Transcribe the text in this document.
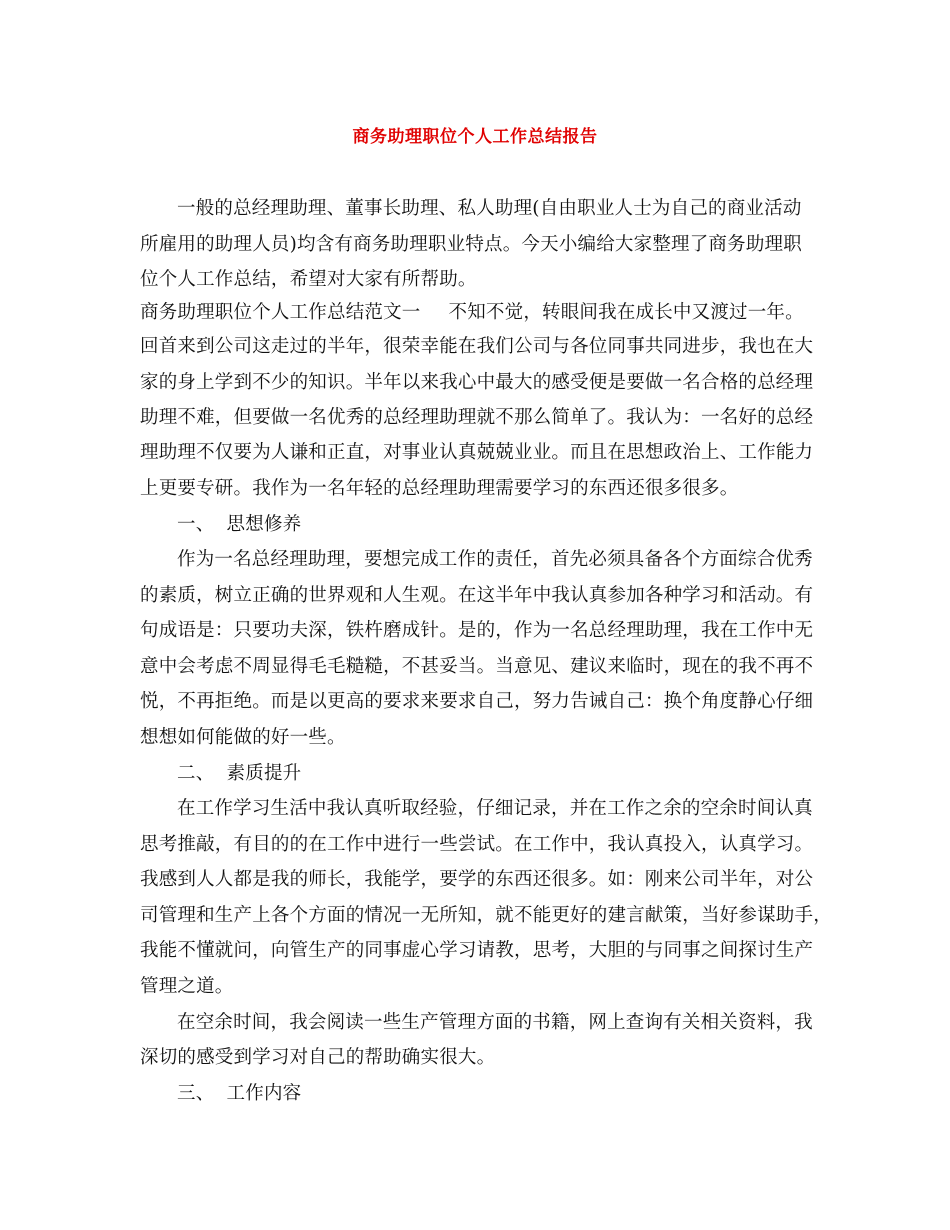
商务助理职位个人工作总结报告
一般的总经理助理、董事长助理、私人助理(自由职业人士为自己的商业活动
所雇用的助理人员)均含有商务助理职业特点。今天小编给大家整理了商务助理职
位个人工作总结，希望对大家有所帮助。
商务助理职位个人工作总结范文一 不知不觉，转眼间我在成长中又渡过一年。
回首来到公司这走过的半年，很荣幸能在我们公司与各位同事共同进步，我也在大
家的身上学到不少的知识。半年以来我心中最大的感受便是要做一名合格的总经理
助理不难，但要做一名优秀的总经理助理就不那么简单了。我认为：一名好的总经
理助理不仅要为人谦和正直，对事业认真兢兢业业。而且在思想政治上、工作能力
上更要专研。我作为一名年轻的总经理助理需要学习的东西还很多很多。
一、  思想修养
作为一名总经理助理，要想完成工作的责任，首先必须具备各个方面综合优秀
的素质，树立正确的世界观和人生观。在这半年中我认真参加各种学习和活动。有
句成语是：只要功夫深，铁杵磨成针。是的，作为一名总经理助理，我在工作中无
意中会考虑不周显得毛毛糙糙，不甚妥当。当意见、建议来临时，现在的我不再不
悦，不再拒绝。而是以更高的要求来要求自己，努力告诫自己：换个角度静心仔细
想想如何能做的好一些。
二、  素质提升
在工作学习生活中我认真听取经验，仔细记录，并在工作之余的空余时间认真
思考推敲，有目的的在工作中进行一些尝试。在工作中，我认真投入，认真学习。
我感到人人都是我的师长，我能学，要学的东西还很多。如：刚来公司半年，对公
司管理和生产上各个方面的情况一无所知，就不能更好的建言献策，当好参谋助手，
我能不懂就问，向管生产的同事虚心学习请教，思考，大胆的与同事之间探讨生产
管理之道。
在空余时间，我会阅读一些生产管理方面的书籍，网上查询有关相关资料，我
深切的感受到学习对自己的帮助确实很大。
三、  工作内容
